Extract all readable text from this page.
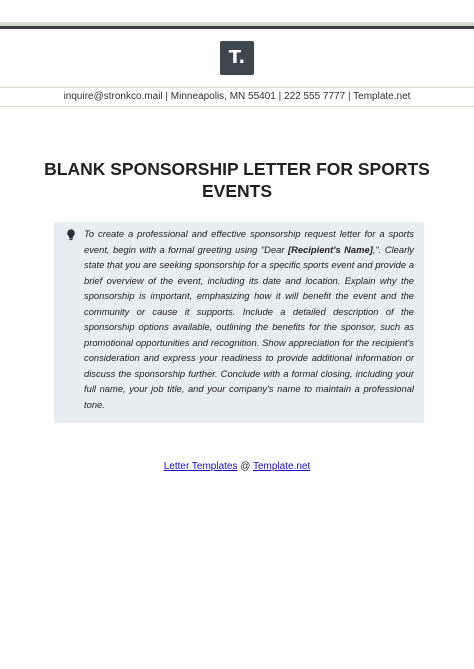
T.
inquire@stronkco.mail | Minneapolis, MN 55401 | 222 555 7777 | Template.net
BLANK SPONSORSHIP LETTER FOR SPORTS EVENTS

To create a professional and effective sponsorship request letter for a sports event, begin with a formal greeting using "Dear [Recipient's Name],". Clearly state that you are seeking sponsorship for a specific sports event and provide a brief overview of the event, including its date and location. Explain why the sponsorship is important, emphasizing how it will benefit the event and the community or cause it supports. Include a detailed description of the sponsorship options available, outlining the benefits for the sponsor, such as promotional opportunities and recognition. Show appreciation for the recipient's consideration and express your readiness to provide additional information or discuss the sponsorship further. Conclude with a formal closing, including your full name, your job title, and your company's name to maintain a professional tone.

Letter Templates @ Template.net
